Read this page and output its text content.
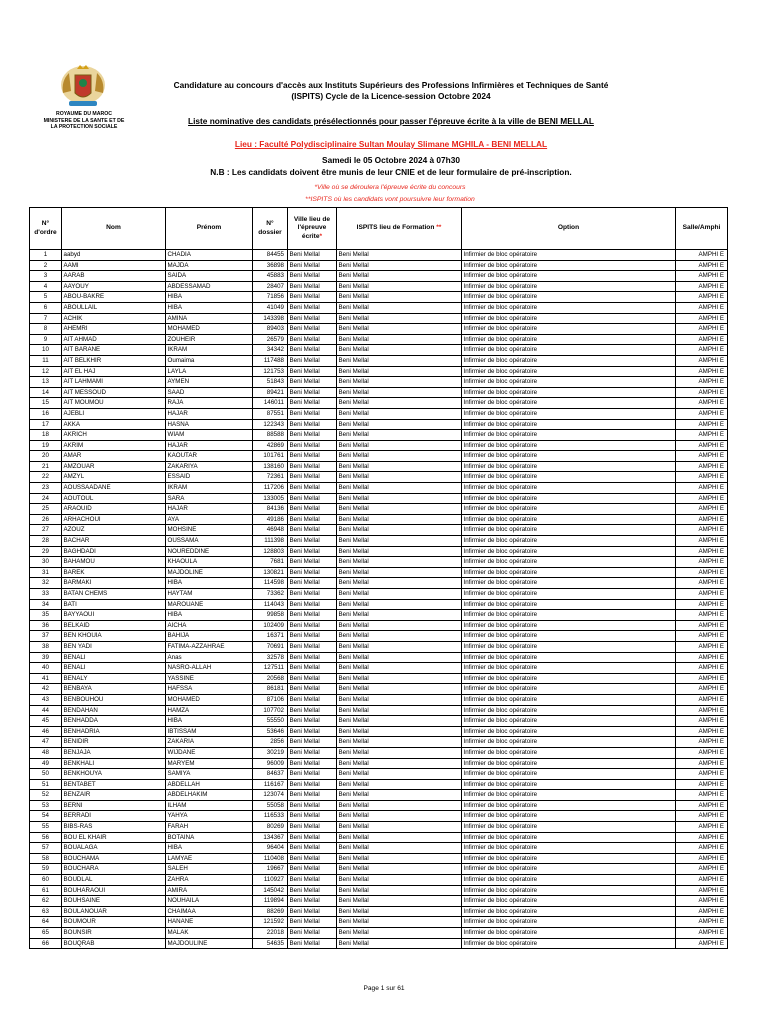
ROYAUME DU MAROC
MINISTERE DE LA SANTE ET DE
LA PROTECTION SOCIALE
Candidature au concours d'accès aux Instituts Supérieurs des Professions Infirmières et Techniques de Santé
(ISPITS) Cycle de la Licence-session Octobre 2024
Liste nominative des candidats présélectionnés pour passer l'épreuve écrite à la ville de BENI MELLAL
Lieu : Faculté Polydisciplinaire Sultan Moulay Slimane MGHILA - BENI MELLAL
Samedi le 05 Octobre 2024 à 07h30
N.B : Les candidats doivent être munis de leur CNIE et de leur formulaire de pré-inscription.
*Ville où se déroulera l'épreuve écrite du concours
**ISPITS où les candidats vont poursuivre leur formation
N° d'ordre	Nom	Prénom	N° dossier	Ville lieu de l'épreuve écrite*	ISPITS lieu de Formation **	Option	Salle/Amphi
1	aabyd	CHADIA	84455	Beni Mellal	Beni Mellal	Infirmier de bloc opératoire	AMPHI E
2	AAMI	MAJDA	36898	Beni Mellal	Beni Mellal	Infirmier de bloc opératoire	AMPHI E
3	AARAB	SAIDA	45883	Beni Mellal	Beni Mellal	Infirmier de bloc opératoire	AMPHI E
4	AAYOUY	ABDESSAMAD	28407	Beni Mellal	Beni Mellal	Infirmier de bloc opératoire	AMPHI E
5	ABOU-BAKRE	HIBA	71856	Beni Mellal	Beni Mellal	Infirmier de bloc opératoire	AMPHI E
6	ABOULLAIL	HIBA	41049	Beni Mellal	Beni Mellal	Infirmier de bloc opératoire	AMPHI E
7	ACHIK	AMINA	143398	Beni Mellal	Beni Mellal	Infirmier de bloc opératoire	AMPHI E
8	AHEMRI	MOHAMED	89403	Beni Mellal	Beni Mellal	Infirmier de bloc opératoire	AMPHI E
9	AIT AHMAD	ZOUHEIR	26579	Beni Mellal	Beni Mellal	Infirmier de bloc opératoire	AMPHI E
10	AIT BARANE	IKRAM	34342	Beni Mellal	Beni Mellal	Infirmier de bloc opératoire	AMPHI E
11	AIT BELKHIR	Oumaima	117488	Beni Mellal	Beni Mellal	Infirmier de bloc opératoire	AMPHI E
12	AIT EL HAJ	LAYLA	121753	Beni Mellal	Beni Mellal	Infirmier de bloc opératoire	AMPHI E
13	AIT LAHMAMI	AYMEN	51843	Beni Mellal	Beni Mellal	Infirmier de bloc opératoire	AMPHI E
14	AIT MESSOUD	SAAD	89421	Beni Mellal	Beni Mellal	Infirmier de bloc opératoire	AMPHI E
15	AIT MOUMOU	RAJA	146011	Beni Mellal	Beni Mellal	Infirmier de bloc opératoire	AMPHI E
16	AJEBLI	HAJAR	87551	Beni Mellal	Beni Mellal	Infirmier de bloc opératoire	AMPHI E
17	AKKA	HASNA	122343	Beni Mellal	Beni Mellal	Infirmier de bloc opératoire	AMPHI E
18	AKRICH	WIAM	88588	Beni Mellal	Beni Mellal	Infirmier de bloc opératoire	AMPHI E
19	AKRIM	HAJAR	42869	Beni Mellal	Beni Mellal	Infirmier de bloc opératoire	AMPHI E
20	AMAR	KAOUTAR	101761	Beni Mellal	Beni Mellal	Infirmier de bloc opératoire	AMPHI E
21	AMZOUAR	ZAKARIYA	138160	Beni Mellal	Beni Mellal	Infirmier de bloc opératoire	AMPHI E
22	AMZYL	ESSAID	72361	Beni Mellal	Beni Mellal	Infirmier de bloc opératoire	AMPHI E
23	AOUSSAADANE	IKRAM	117206	Beni Mellal	Beni Mellal	Infirmier de bloc opératoire	AMPHI E
24	AOUTOUL	SARA	133005	Beni Mellal	Beni Mellal	Infirmier de bloc opératoire	AMPHI E
25	ARAOUID	HAJAR	84136	Beni Mellal	Beni Mellal	Infirmier de bloc opératoire	AMPHI E
26	ARHACHOUI	AYA	49186	Beni Mellal	Beni Mellal	Infirmier de bloc opératoire	AMPHI E
27	AZOUZ	MOHSINE	46948	Beni Mellal	Beni Mellal	Infirmier de bloc opératoire	AMPHI E
28	BACHAR	OUSSAMA	111398	Beni Mellal	Beni Mellal	Infirmier de bloc opératoire	AMPHI E
29	BAGHDADI	NOUREDDINE	128803	Beni Mellal	Beni Mellal	Infirmier de bloc opératoire	AMPHI E
30	BAHAMOU	KHAOULA	7681	Beni Mellal	Beni Mellal	Infirmier de bloc opératoire	AMPHI E
31	BAREK	MAJDOLINE	130821	Beni Mellal	Beni Mellal	Infirmier de bloc opératoire	AMPHI E
32	BARMAKI	HIBA	114598	Beni Mellal	Beni Mellal	Infirmier de bloc opératoire	AMPHI E
33	BATAN CHEMS	HAYTAM	73362	Beni Mellal	Beni Mellal	Infirmier de bloc opératoire	AMPHI E
34	BATI	MAROUANE	114043	Beni Mellal	Beni Mellal	Infirmier de bloc opératoire	AMPHI E
35	BAYYAOUI	HIBA	99858	Beni Mellal	Beni Mellal	Infirmier de bloc opératoire	AMPHI E
36	BELKAID	AICHA	102409	Beni Mellal	Beni Mellal	Infirmier de bloc opératoire	AMPHI E
37	BEN KHOUIA	BAHIJA	16371	Beni Mellal	Beni Mellal	Infirmier de bloc opératoire	AMPHI E
38	BEN YADI	FATIMA-AZZAHRAE	70691	Beni Mellal	Beni Mellal	Infirmier de bloc opératoire	AMPHI E
39	BENALI	Anas	32578	Beni Mellal	Beni Mellal	Infirmier de bloc opératoire	AMPHI E
40	BENALI	NASRO-ALLAH	127511	Beni Mellal	Beni Mellal	Infirmier de bloc opératoire	AMPHI E
41	BENALY	YASSINE	20568	Beni Mellal	Beni Mellal	Infirmier de bloc opératoire	AMPHI E
42	BENBAYA	HAFSSA	86181	Beni Mellal	Beni Mellal	Infirmier de bloc opératoire	AMPHI E
43	BENBOUHOU	MOHAMED	87106	Beni Mellal	Beni Mellal	Infirmier de bloc opératoire	AMPHI E
44	BENDAHAN	HAMZA	107702	Beni Mellal	Beni Mellal	Infirmier de bloc opératoire	AMPHI E
45	BENHADDA	HIBA	55550	Beni Mellal	Beni Mellal	Infirmier de bloc opératoire	AMPHI E
46	BENHADRIA	IBTISSAM	53646	Beni Mellal	Beni Mellal	Infirmier de bloc opératoire	AMPHI E
47	BENIDIR	ZAKARIA	2856	Beni Mellal	Beni Mellal	Infirmier de bloc opératoire	AMPHI E
48	BENJAJA	WIJDANE	30219	Beni Mellal	Beni Mellal	Infirmier de bloc opératoire	AMPHI E
49	BENKHALI	MARYEM	96009	Beni Mellal	Beni Mellal	Infirmier de bloc opératoire	AMPHI E
50	BENKHOUYA	SAMIYA	84637	Beni Mellal	Beni Mellal	Infirmier de bloc opératoire	AMPHI E
51	BENTABET	ABDELLAH	116167	Beni Mellal	Beni Mellal	Infirmier de bloc opératoire	AMPHI E
52	BENZAIR	ABDELHAKIM	123074	Beni Mellal	Beni Mellal	Infirmier de bloc opératoire	AMPHI E
53	BERNI	ILHAM	55058	Beni Mellal	Beni Mellal	Infirmier de bloc opératoire	AMPHI E
54	BERRADI	YAHYA	116533	Beni Mellal	Beni Mellal	Infirmier de bloc opératoire	AMPHI E
55	BIBS-RAS	FARAH	80269	Beni Mellal	Beni Mellal	Infirmier de bloc opératoire	AMPHI E
56	BOU EL KHAIR	BOTAINA	134367	Beni Mellal	Beni Mellal	Infirmier de bloc opératoire	AMPHI E
57	BOUALAGA	HIBA	96404	Beni Mellal	Beni Mellal	Infirmier de bloc opératoire	AMPHI E
58	BOUCHAMA	LAMYAE	110408	Beni Mellal	Beni Mellal	Infirmier de bloc opératoire	AMPHI E
59	BOUCHARA	SALEH	19667	Beni Mellal	Beni Mellal	Infirmier de bloc opératoire	AMPHI E
60	BOUDLAL	ZAHRA	110927	Beni Mellal	Beni Mellal	Infirmier de bloc opératoire	AMPHI E
61	BOUHARAOUI	AMIRA	145042	Beni Mellal	Beni Mellal	Infirmier de bloc opératoire	AMPHI E
62	BOUHSAINE	NOUHAILA	119894	Beni Mellal	Beni Mellal	Infirmier de bloc opératoire	AMPHI E
63	BOULANOUAR	CHAIMAA	88269	Beni Mellal	Beni Mellal	Infirmier de bloc opératoire	AMPHI E
64	BOUMOUR	HANANE	121592	Beni Mellal	Beni Mellal	Infirmier de bloc opératoire	AMPHI E
65	BOUNSIR	MALAK	22018	Beni Mellal	Beni Mellal	Infirmier de bloc opératoire	AMPHI E
66	BOUQRAB	MAJDOULINE	54635	Beni Mellal	Beni Mellal	Infirmier de bloc opératoire	AMPHI E
Page 1 sur 61
